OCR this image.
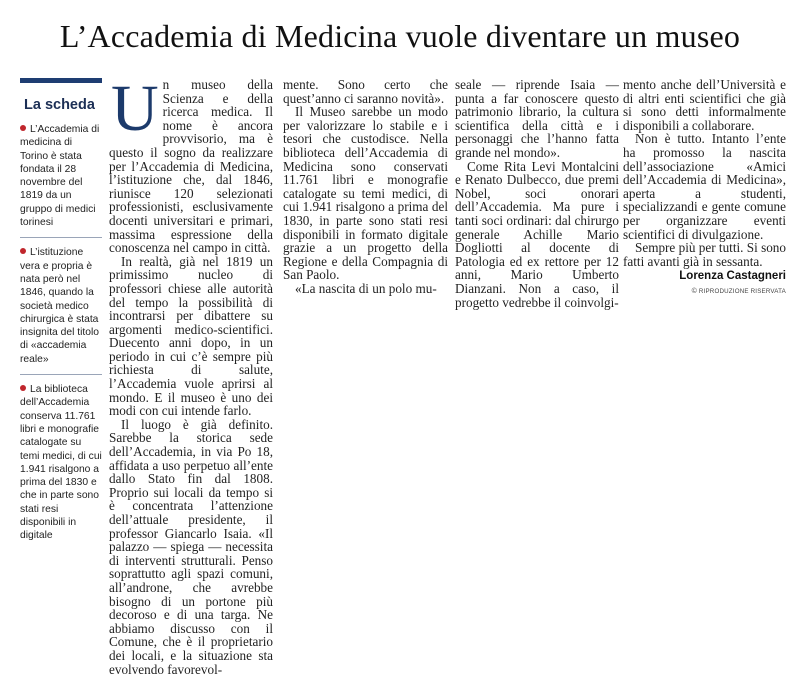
L’Accademia di Medicina vuole diventare un museo
La scheda
L’Accademia di medicina di Torino è stata fondata il 28 novembre del 1819 da un gruppo di medici torinesi
L’istituzione vera e propria è nata però nel 1846, quando la società medico chirurgica è stata insignita del titolo di «accademia reale»
La biblioteca dell’Accademia conserva 11.761 libri e monografie catalogate su temi medici, di cui 1.941 risalgono a prima del 1830 e che in parte sono stati resi disponibili in digitale
U n museo della Scienza e della ricerca medica. Il nome è ancora provvisorio, ma è questo il sogno da realizzare per l’Accademia di Medicina, l’istituzione che, dal 1846, riunisce 120 selezionati professionisti, esclusivamente docenti universitari e primari, massima espressione della conoscenza nel campo in città.

In realtà, già nel 1819 un primissimo nucleo di professori chiese alle autorità del tempo la possibilità di incontrarsi per dibattere su argomenti medico-scientifici. Duecento anni dopo, in un periodo in cui c’è sempre più richiesta di salute, l’Accademia vuole aprirsi al mondo. E il museo è uno dei modi con cui intende farlo.

Il luogo è già definito. Sarebbe la storica sede dell’Accademia, in via Po 18, affidata a uso perpetuo all’ente dallo Stato fin dal 1808. Proprio sui locali da tempo si è concentrata l’attenzione dell’attuale presidente, il professor Giancarlo Isaia. «Il palazzo — spiega — necessita di interventi strutturali. Penso soprattutto agli spazi comuni, all’androne, che avrebbe bisogno di un portone più decoroso e di una targa. Ne abbiamo discusso con il Comune, che è il proprietario dei locali, e la situazione sta evolvendo favorevol-

mente. Sono certo che quest’anno ci saranno novità».

Il Museo sarebbe un modo per valorizzare lo stabile e i tesori che custodisce. Nella biblioteca dell’Accademia di Medicina sono conservati 11.761 libri e monografie catalogate su temi medici, di cui 1.941 risalgono a prima del 1830, in parte sono stati resi disponibili in formato digitale grazie a un progetto della Regione e della Compagnia di San Paolo.

«La nascita di un polo mu-

seale — riprende Isaia — punta a far conoscere questo patrimonio librario, la cultura scientifica della città e i personaggi che l’hanno fatta grande nel mondo».

Come Rita Levi Montalcini e Renato Dulbecco, due premi Nobel, soci onorari dell’Accademia. Ma pure i tanti soci ordinari: dal chirurgo generale Achille Mario Dogliotti al docente di Patologia ed ex rettore per 12 anni, Mario Umberto Dianzani. Non a caso, il progetto vedrebbe il coinvolgi-

mento anche dell’Università e di altri enti scientifici che già si sono detti informalmente disponibili a collaborare.

Non è tutto. Intanto l’ente ha promosso la nascita dell’associazione «Amici dell’Accademia di Medicina», aperta a studenti, specializzandi e gente comune per organizzare eventi scientifici di divulgazione.

Sempre più per tutti. Si sono fatti avanti già in sessanta.

Lorenza Castagneri
© RIPRODUZIONE RISERVATA
